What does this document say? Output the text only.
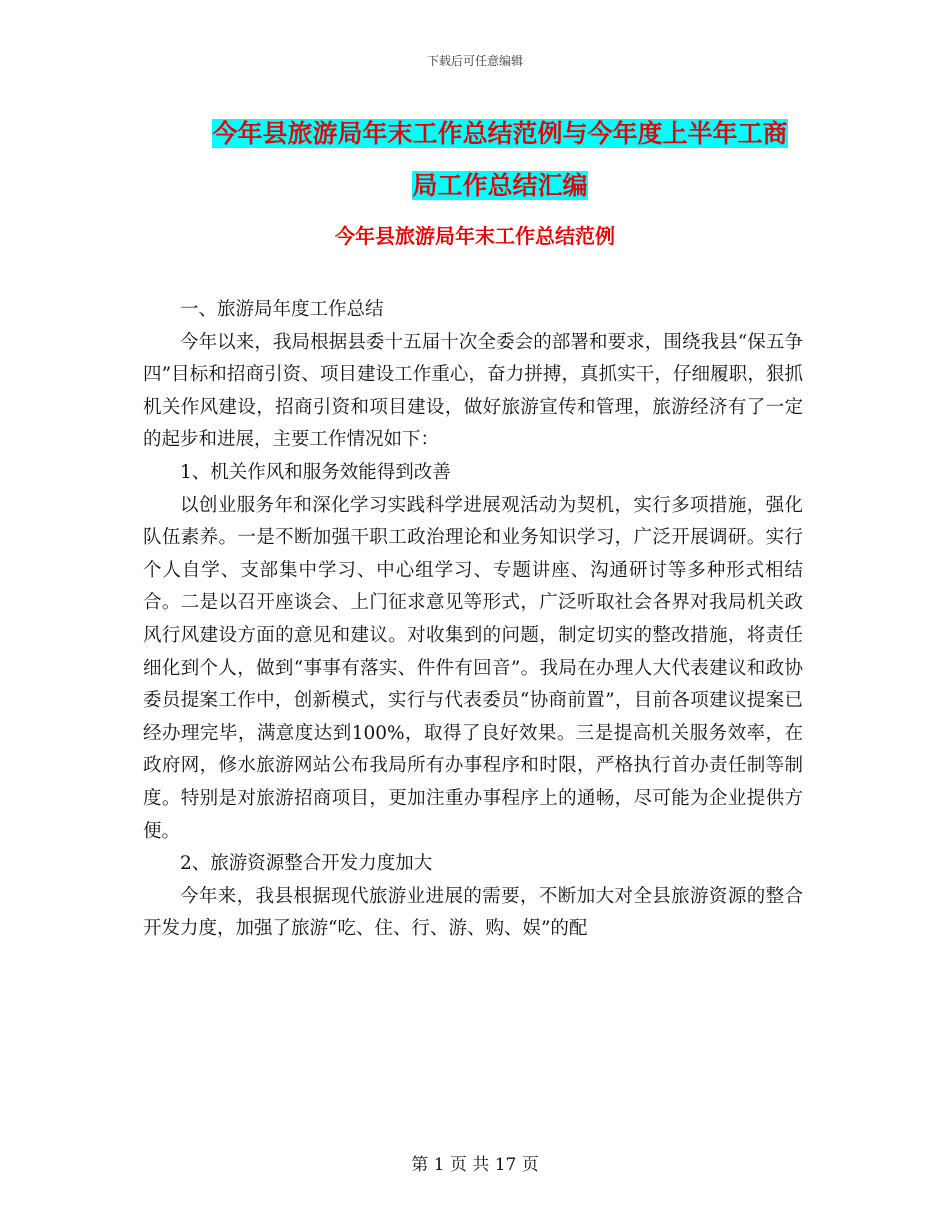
下载后可任意编辑
今年县旅游局年末工作总结范例与今年度上半年工商
局工作总结汇编
今年县旅游局年末工作总结范例

一、旅游局年度工作总结

今年以来，我局根据县委十五届十次全委会的部署和要求，围绕我县“保五争四”目标和招商引资、项目建设工作重心，奋力拼搏，真抓实干，仔细履职，狠抓机关作风建设，招商引资和项目建设，做好旅游宣传和管理，旅游经济有了一定的起步和进展，主要工作情况如下：

1、机关作风和服务效能得到改善

以创业服务年和深化学习实践科学进展观活动为契机，实行多项措施，强化队伍素养。一是不断加强干职工政治理论和业务知识学习，广泛开展调研。实行个人自学、支部集中学习、中心组学习、专题讲座、沟通研讨等多种形式相结合。二是以召开座谈会、上门征求意见等形式，广泛听取社会各界对我局机关政风行风建设方面的意见和建议。对收集到的问题，制定切实的整改措施，将责任细化到个人，做到“事事有落实、件件有回音”。我局在办理人大代表建议和政协委员提案工作中，创新模式，实行与代表委员“协商前置”，目前各项建议提案已经办理完毕，满意度达到100%，取得了良好效果。三是提高机关服务效率，在政府网，修水旅游网站公布我局所有办事程序和时限，严格执行首办责任制等制度。特别是对旅游招商项目，更加注重办事程序上的通畅，尽可能为企业提供方便。

2、旅游资源整合开发力度加大

今年来，我县根据现代旅游业进展的需要，不断加大对全县旅游资源的整合开发力度，加强了旅游“吃、住、行、游、购、娱”的配

第 1 页 共 17 页
